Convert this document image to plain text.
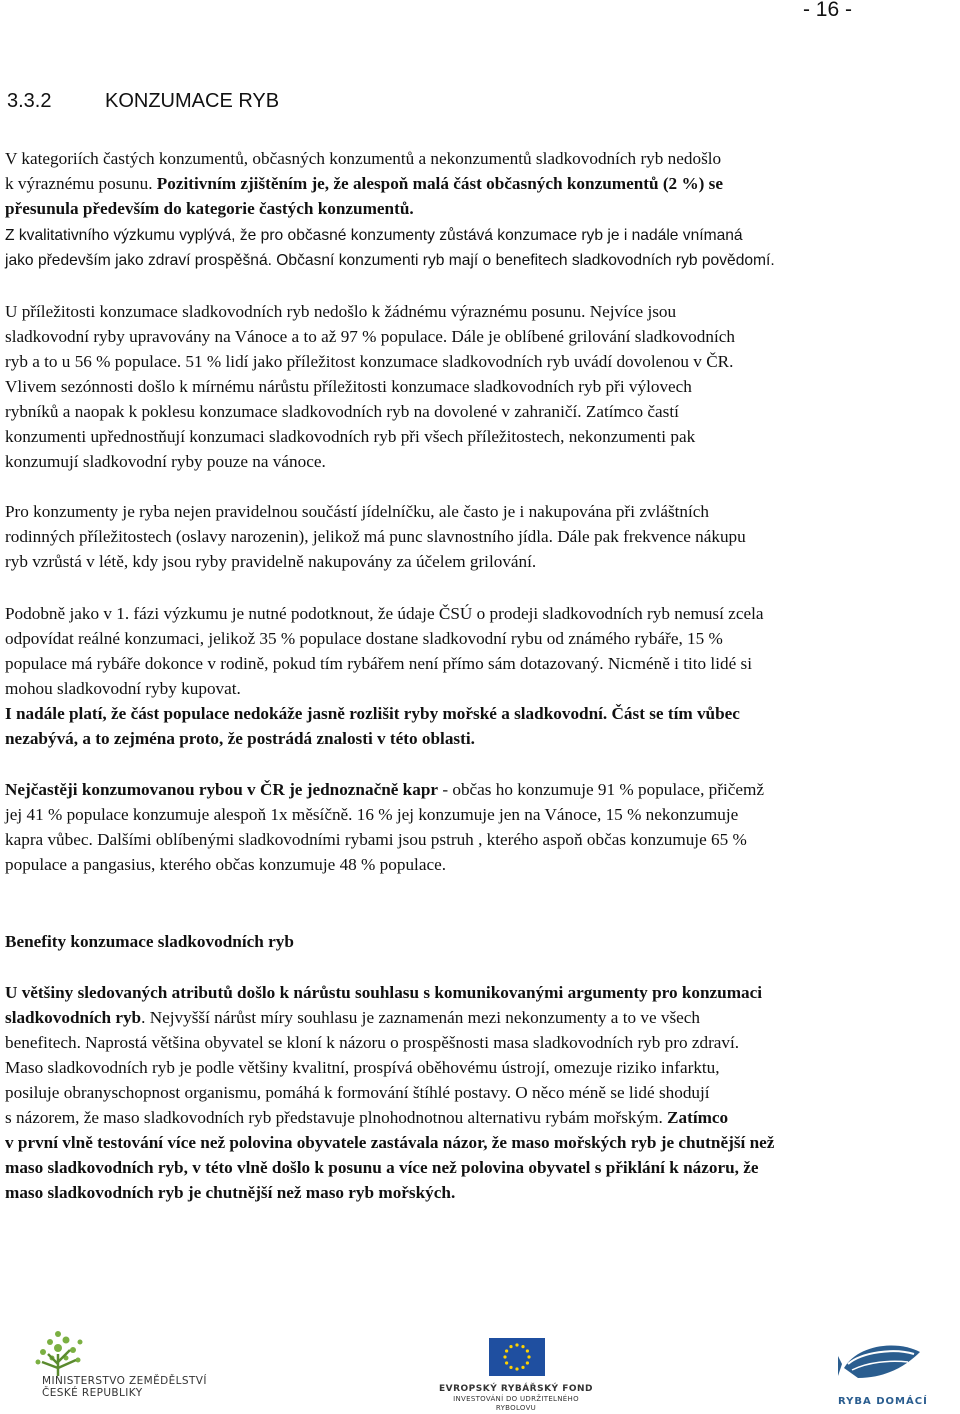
- 16 -
3.3.2	KONZUMACE RYB
V kategoriích častých konzumentů, občasných konzumentů a nekonzumentů sladkovodních ryb nedošlo
k výraznému posunu. Pozitivním zjištěním je, že alespoň malá část občasných konzumentů (2 %) se
přesunula především do kategorie častých konzumentů.
Z kvalitativního výzkumu vyplývá, že pro občasné konzumenty zůstává konzumace ryb je i nadále vnímaná
jako především jako zdraví prospěšná. Občasní konzumenti ryb mají o benefitech sladkovodních ryb povědomí.
U příležitosti konzumace sladkovodních ryb nedošlo k žádnému výraznému posunu. Nejvíce jsou
sladkovodní ryby upravovány na Vánoce a to až 97 % populace. Dále je oblíbené grilování sladkovodních
ryb a to u 56 % populace. 51 % lidí jako příležitost konzumace sladkovodních ryb uvádí dovolenou v ČR.
Vlivem sezónnosti došlo k mírnému nárůstu příležitosti konzumace sladkovodních ryb při výlovech
rybníků a naopak k poklesu konzumace sladkovodních ryb na dovolené v zahraničí. Zatímco častí
konzumenti upřednostňují konzumaci sladkovodních ryb při všech příležitostech, nekonzumenti pak
konzumují sladkovodní ryby pouze na vánoce.
Pro konzumenty je ryba nejen pravidelnou součástí jídelníčku, ale často je i nakupována při zvláštních
rodinných příležitostech (oslavy narozenin), jelikož má punc slavnostního jídla. Dále pak frekvence nákupu
ryb vzrůstá v létě, kdy jsou ryby pravidelně nakupovány za účelem grilování.
Podobně jako v 1. fázi výzkumu je nutné podotknout, že údaje ČSÚ o prodeji sladkovodních ryb nemusí zcela
odpovídat reálné konzumaci, jelikož 35 % populace dostane sladkovodní rybu od známého rybáře, 15 %
populace má rybáře dokonce v rodině, pokud tím rybářem není přímo sám dotazovaný. Nicméně i tito lidé si
mohou sladkovodní ryby kupovat.
I nadále platí, že část populace nedokáže jasně rozlišit ryby mořské a sladkovodní. Část se tím vůbec
nezabývá, a to zejména proto, že postrádá znalosti v této oblasti.
Nejčastěji konzumovanou rybou v ČR je jednoznačně kapr - občas ho konzumuje 91 % populace, přičemž
jej 41 % populace konzumuje alespoň 1x měsíčně. 16 % jej konzumuje jen na Vánoce, 15 % nekonzumuje
kapra vůbec. Dalšími oblíbenými sladkovodními rybami jsou pstruh , kterého aspoň občas konzumuje 65 %
populace a pangasius, kterého občas konzumuje 48 % populace.
Benefity konzumace sladkovodních ryb
U většiny sledovaných atributů došlo k nárůstu souhlasu s komunikovanými argumenty pro konzumaci
sladkovodních ryb. Nejvyšší nárůst míry souhlasu je zaznamenán mezi nekonzumenty a to ve všech
benefitech. Naprostá většina obyvatel se kloní k názoru o prospěšnosti masa sladkovodních ryb pro zdraví.
Maso sladkovodních ryb je podle většiny kvalitní, prospívá oběhovému ústrojí, omezuje riziko infarktu,
posiluje obranyschopnost organismu, pomáhá k formování štíhlé postavy. O něco méně se lidé shodují
s názorem, že maso sladkovodních ryb představuje plnohodnotnou alternativu rybám mořským. Zatímco
v první vlně testování více než polovina obyvatele zastávala názor, že maso mořských ryb je chutnější než
maso sladkovodních ryb, v této vlně došlo k posunu a více než polovina obyvatel s přiklání k názoru, že
maso sladkovodních ryb je chutnější než maso ryb mořských.
MINISTERSTVO ZEMĚDĚLSTVÍ
ČESKÉ REPUBLIKY	EVROPSKÝ RYBÁŘSKÝ FOND
INVESTOVÁNÍ DO UDRŽITELNÉHO
RYBOLOVU
RYBA DOMÁCÍ
